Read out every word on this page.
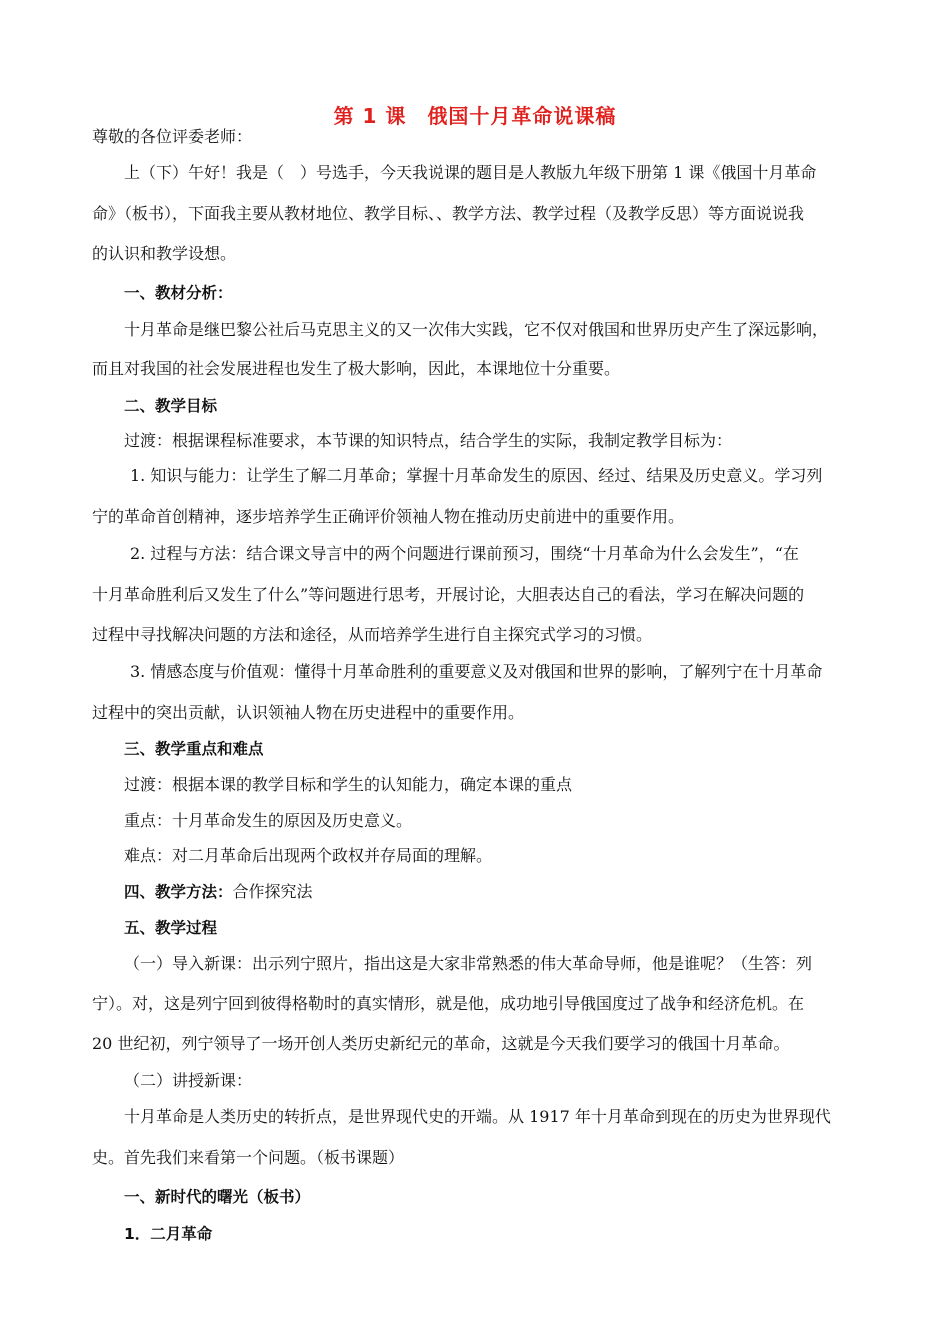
第 1 课　俄国十月革命说课稿
尊敬的各位评委老师：
上（下）午好！我是（　）号选手，今天我说课的题目是人教版九年级下册第 1 课《俄国十月革命
命》（板书），下面我主要从教材地位、教学目标、、教学方法、教学过程（及教学反思）等方面说说我
的认识和教学设想。
一、教材分析：
十月革命是继巴黎公社后马克思主义的又一次伟大实践，它不仅对俄国和世界历史产生了深远影响，
而且对我国的社会发展进程也发生了极大影响，因此，本课地位十分重要。
二、教学目标
过渡：根据课程标准要求，本节课的知识特点，结合学生的实际，我制定教学目标为：
1. 知识与能力：让学生了解二月革命；掌握十月革命发生的原因、经过、结果及历史意义。学习列
宁的革命首创精神，逐步培养学生正确评价领袖人物在推动历史前进中的重要作用。
2. 过程与方法：结合课文导言中的两个问题进行课前预习，围绕“十月革命为什么会发生”，“在
十月革命胜利后又发生了什么”等问题进行思考，开展讨论，大胆表达自己的看法，学习在解决问题的
过程中寻找解决问题的方法和途径，从而培养学生进行自主探究式学习的习惯。
3. 情感态度与价值观：懂得十月革命胜利的重要意义及对俄国和世界的影响，了解列宁在十月革命
过程中的突出贡献，认识领袖人物在历史进程中的重要作用。
三、教学重点和难点
过渡：根据本课的教学目标和学生的认知能力，确定本课的重点
重点：十月革命发生的原因及历史意义。
难点：对二月革命后出现两个政权并存局面的理解。
四、教学方法：合作探究法
五、教学过程
（一）导入新课：出示列宁照片，指出这是大家非常熟悉的伟大革命导师，他是谁呢？（生答：列
宁）。对，这是列宁回到彼得格勒时的真实情形，就是他，成功地引导俄国度过了战争和经济危机。在
20 世纪初，列宁领导了一场开创人类历史新纪元的革命，这就是今天我们要学习的俄国十月革命。
（二）讲授新课：
十月革命是人类历史的转折点，是世界现代史的开端。从 1917 年十月革命到现在的历史为世界现代
史。首先我们来看第一个问题。（板书课题）
一、新时代的曙光（板书）
1．二月革命
